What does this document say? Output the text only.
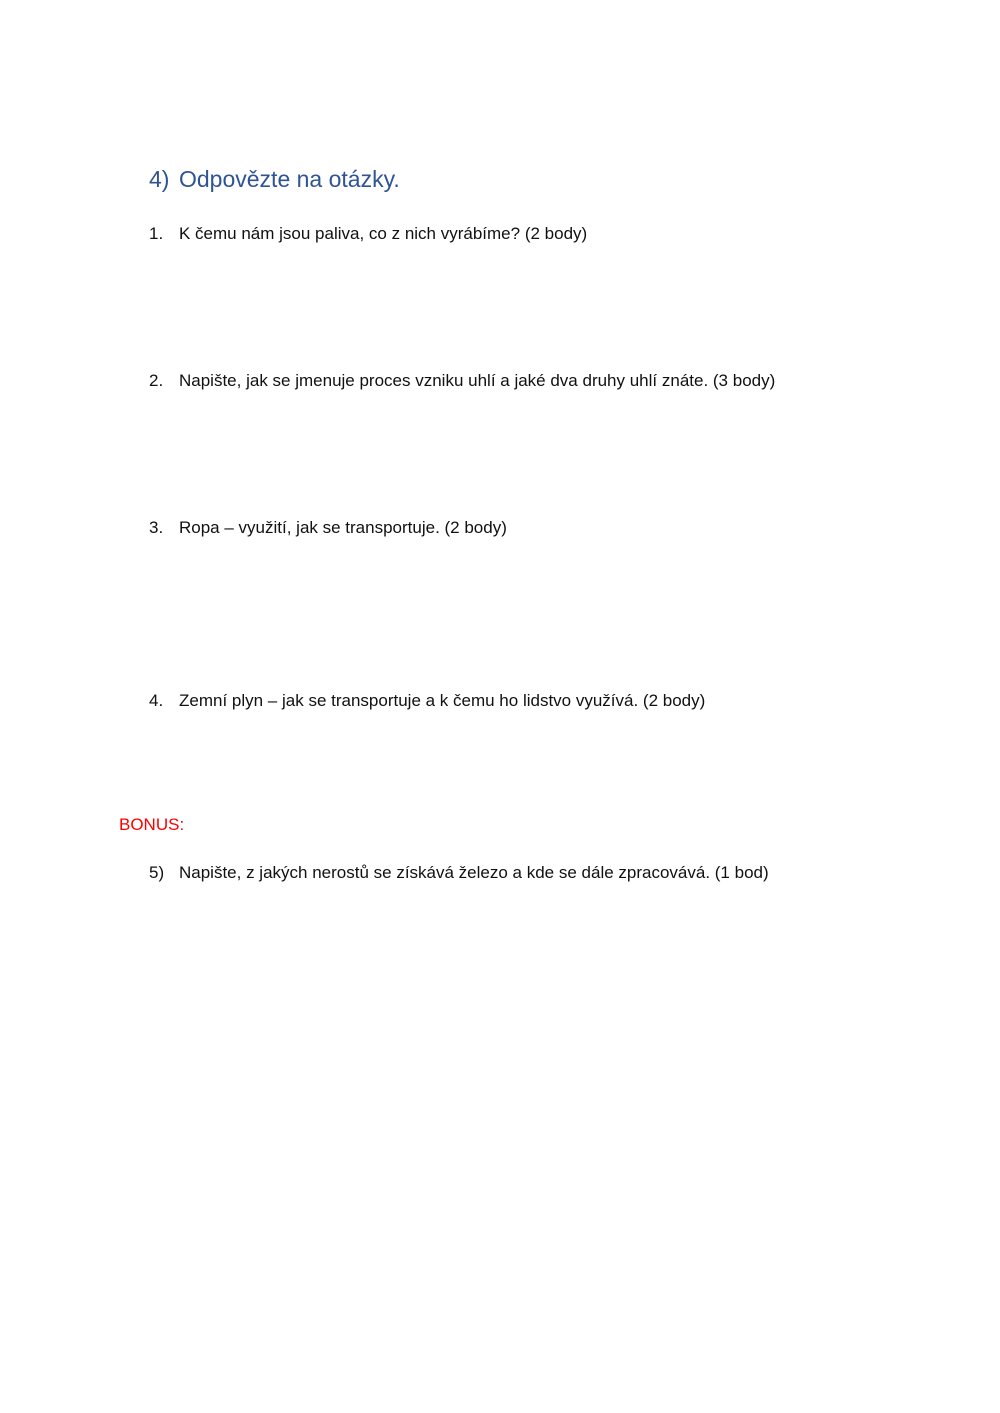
4) Odpovězte na otázky.
1. K čemu nám jsou paliva, co z nich vyrábíme? (2 body)
2. Napište, jak se jmenuje proces vzniku uhlí a jaké dva druhy uhlí znáte. (3 body)
3. Ropa – využití, jak se transportuje. (2 body)
4. Zemní plyn – jak se transportuje a k čemu ho lidstvo využívá. (2 body)
BONUS:
5) Napište, z jakých nerostů se získává železo a kde se dále zpracovává. (1 bod)
